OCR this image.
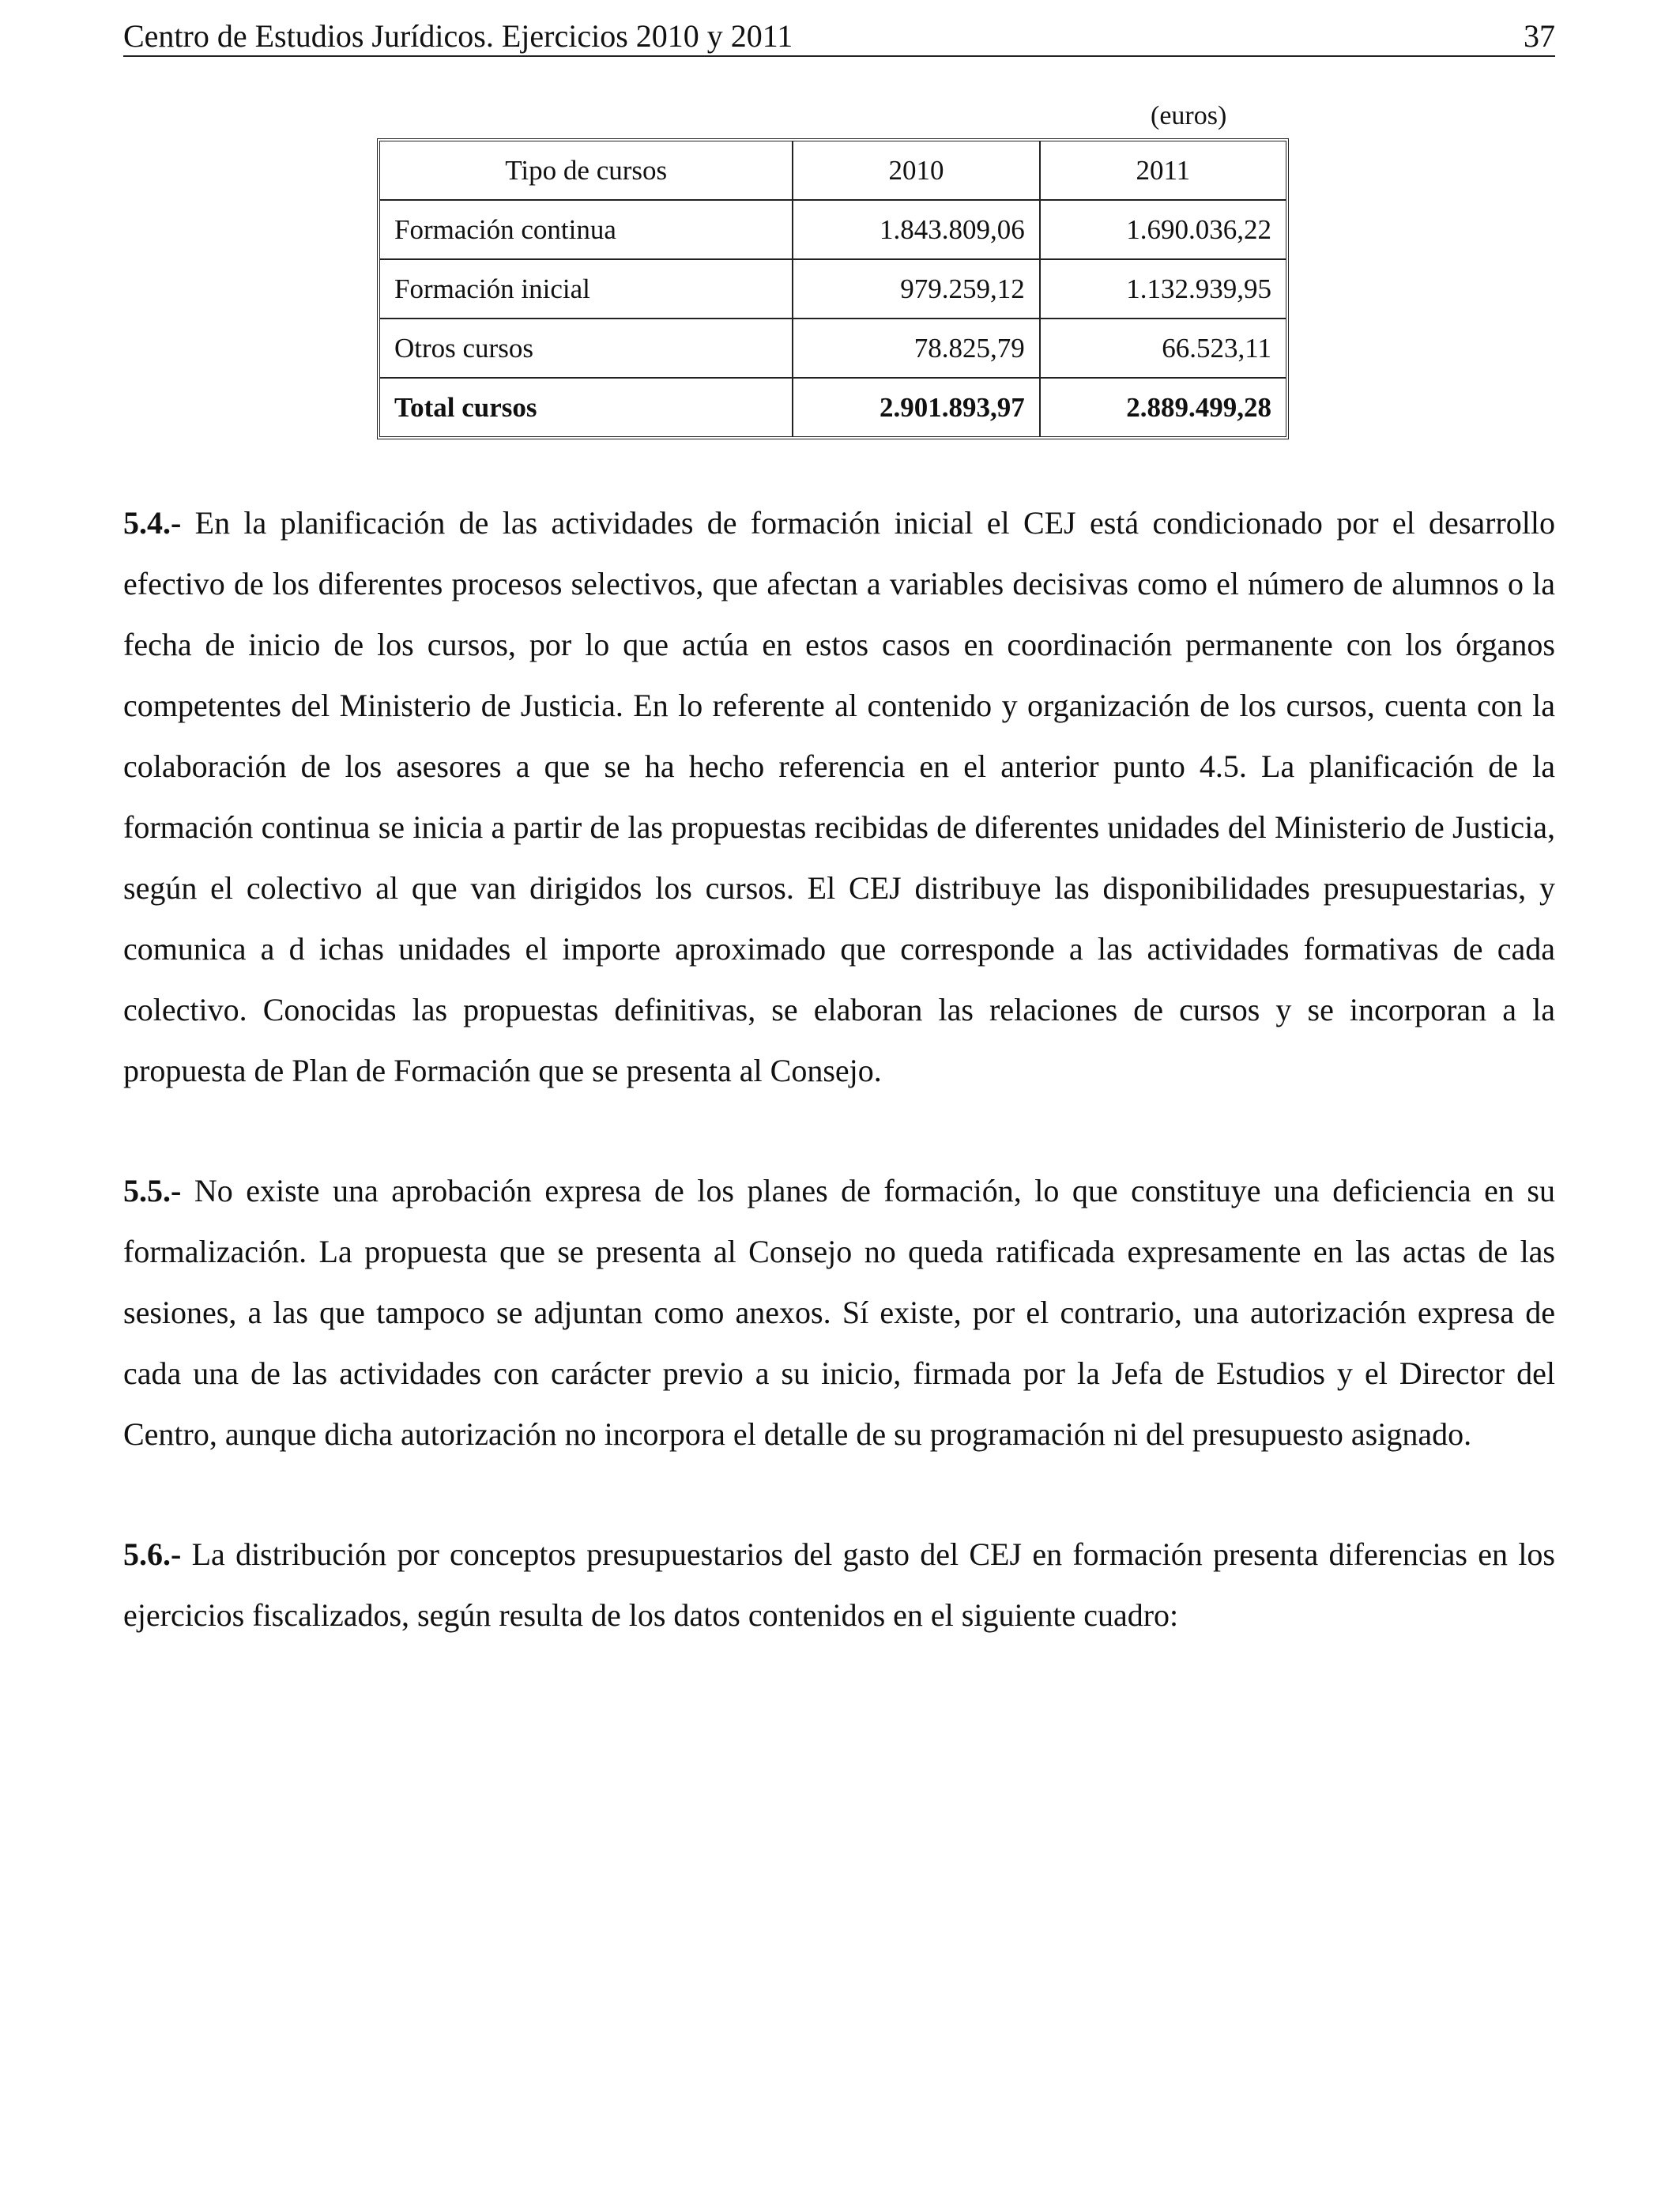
Centro de Estudios Jurídicos. Ejercicios 2010 y 2011	37
(euros)
Tipo de cursos	2010	2011
Formación continua	1.843.809,06	1.690.036,22
Formación inicial	979.259,12	1.132.939,95
Otros cursos	78.825,79	66.523,11
Total cursos	2.901.893,97	2.889.499,28

5.4.- En la planificación de las actividades de formación inicial el CEJ está condicionado por el desarrollo efectivo de los diferentes procesos selectivos, que afectan a variables decisivas como el número de alumnos o la fecha de inicio de los cursos, por lo que actúa en estos casos en coordinación permanente con los órganos competentes del Ministerio de Justicia. En lo referente al contenido y organización de los cursos, cuenta con la colaboración de los asesores a que se ha hecho referencia en el anterior punto 4.5. La planificación de la formación continua se inicia a partir de las propuestas recibidas de diferentes unidades del Ministerio de Justicia, según el colectivo al que van dirigidos los cursos. El CEJ distribuye las disponibilidades presupuestarias, y comunica a d ichas unidades el importe aproximado que corresponde a las actividades formativas de cada colectivo. Conocidas las propuestas definitivas, se elaboran las relaciones de cursos y se incorporan a la propuesta de Plan de Formación que se presenta al Consejo.

5.5.- No existe una aprobación expresa de los planes de formación, lo que constituye una deficiencia en su formalización. La propuesta que se presenta al Consejo no queda ratificada expresamente en las actas de las sesiones, a las que tampoco se adjuntan como anexos. Sí existe, por el contrario, una autorización expresa de cada una de las actividades con carácter previo a su inicio, firmada por la Jefa de Estudios y el Director del Centro, aunque dicha autorización no incorpora el detalle de su programación ni del presupuesto asignado.

5.6.- La distribución por conceptos presupuestarios del gasto del CEJ en formación presenta diferencias en los ejercicios fiscalizados, según resulta de los datos contenidos en el siguiente cuadro:
